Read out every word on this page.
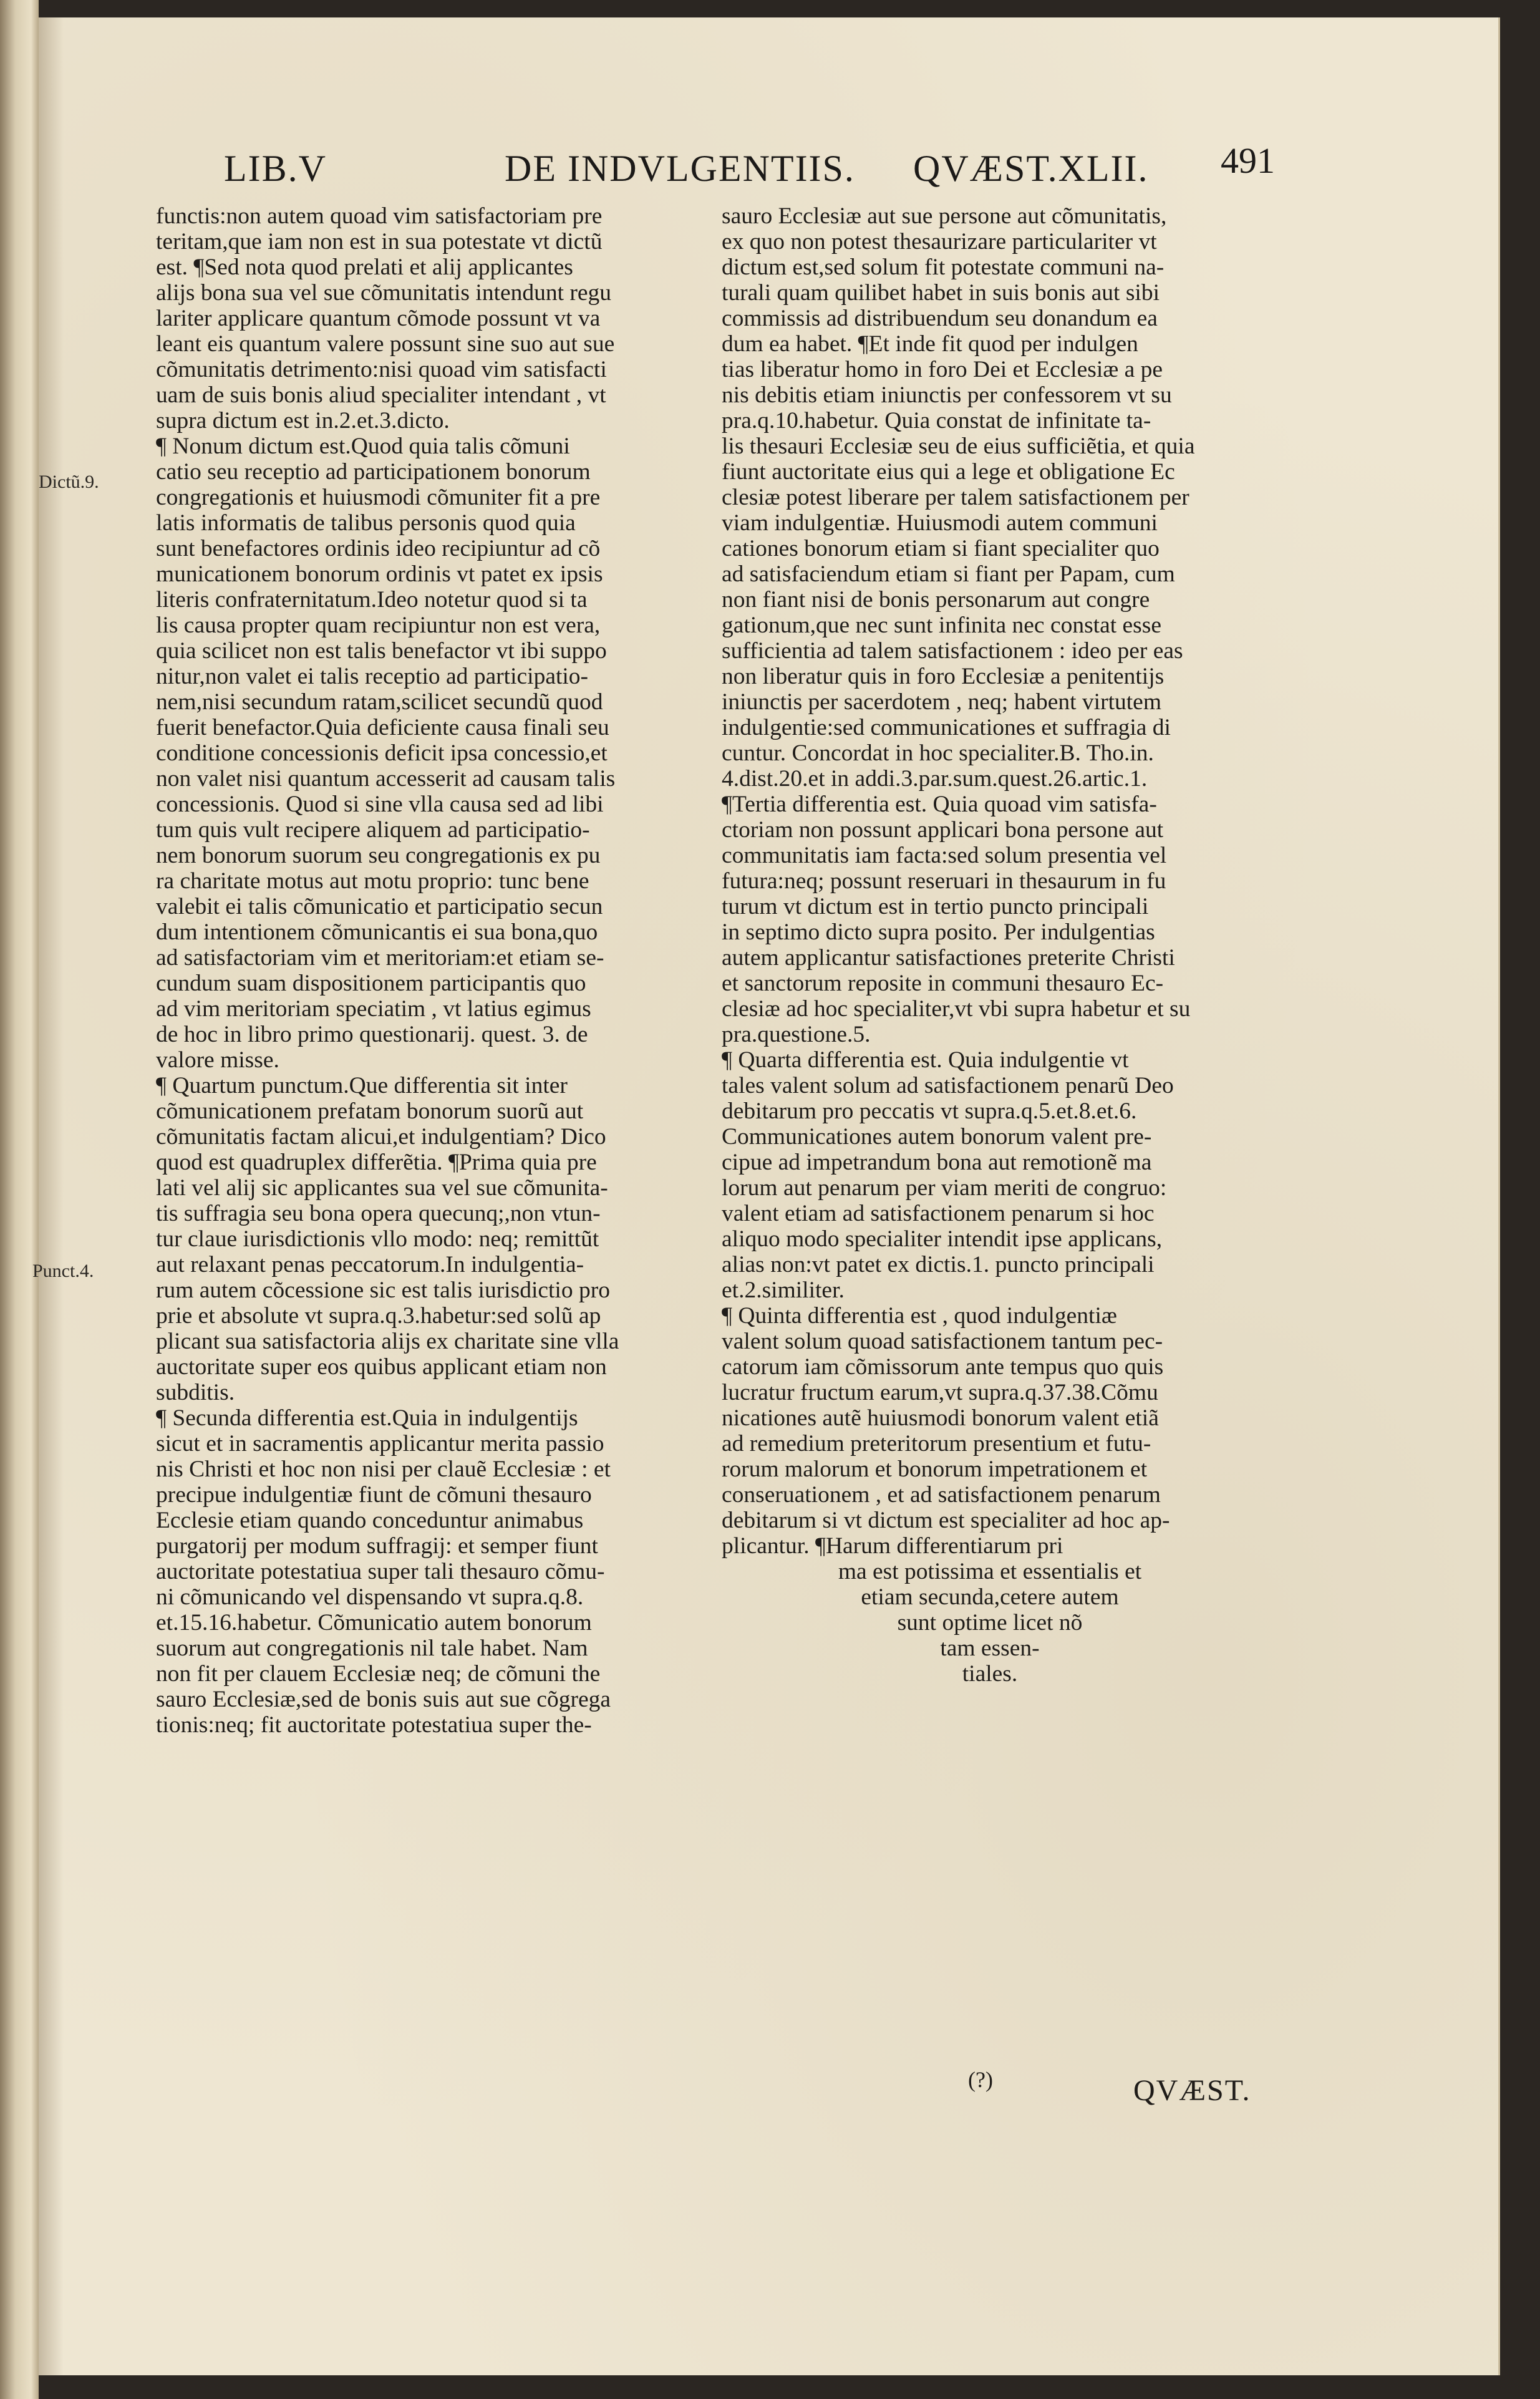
LIB.V	DE INDVLGENTIIS. QVÆST.XLII. 491
Dictũ.9.
Punct.4.
functis:non autem quoad vim satisfactoriam pre
teritam,que iam non est in sua potestate vt dictũ
est. ¶Sed nota quod prelati et alij applicantes
alijs bona sua vel sue cõmunitatis intendunt regu
lariter applicare quantum cõmode possunt vt va
leant eis quantum valere possunt sine suo aut sue
cõmunitatis detrimento:nisi quoad vim satisfacti
uam de suis bonis aliud specialiter intendant , vt
supra dictum est in.2.et.3.dicto.
¶ Nonum dictum est.Quod quia talis cõmuni
catio seu receptio ad participationem bonorum
congregationis et huiusmodi cõmuniter fit a pre
latis informatis de talibus personis quod quia
sunt benefactores ordinis ideo recipiuntur ad cõ
municationem bonorum ordinis vt patet ex ipsis
literis confraternitatum.Ideo notetur quod si ta
lis causa propter quam recipiuntur non est vera,
quia scilicet non est talis benefactor vt ibi suppo
nitur,non valet ei talis receptio ad participatio-
nem,nisi secundum ratam,scilicet secundũ quod
fuerit benefactor.Quia deficiente causa finali seu
conditione concessionis deficit ipsa concessio,et
non valet nisi quantum accesserit ad causam talis
concessionis. Quod si sine vlla causa sed ad libi
tum quis vult recipere aliquem ad participatio-
nem bonorum suorum seu congregationis ex pu
ra charitate motus aut motu proprio: tunc bene
valebit ei talis cõmunicatio et participatio secun
dum intentionem cõmunicantis ei sua bona,quo
ad satisfactoriam vim et meritoriam:et etiam se-
cundum suam dispositionem participantis quo
ad vim meritoriam speciatim , vt latius egimus
de hoc in libro primo questionarij. quest. 3. de
valore misse.
¶ Quartum punctum.Que differentia sit inter
cõmunicationem prefatam bonorum suorũ aut
cõmunitatis factam alicui,et indulgentiam? Dico
quod est quadruplex differẽtia. ¶Prima quia pre
lati vel alij sic applicantes sua vel sue cõmunita-
tis suffragia seu bona opera quecunq;,non vtun-
tur claue iurisdictionis vllo modo: neq; remittũt
aut relaxant penas peccatorum.In indulgentia-
rum autem cõcessione sic est talis iurisdictio pro
prie et absolute vt supra.q.3.habetur:sed solũ ap
plicant sua satisfactoria alijs ex charitate sine vlla
auctoritate super eos quibus applicant etiam non
subditis.
¶ Secunda differentia est.Quia in indulgentijs
sicut et in sacramentis applicantur merita passio
nis Christi et hoc non nisi per clauẽ Ecclesiæ : et
precipue indulgentiæ fiunt de cõmuni thesauro
Ecclesie etiam quando conceduntur animabus
purgatorij per modum suffragij: et semper fiunt
auctoritate potestatiua super tali thesauro cõmu-
ni cõmunicando vel dispensando vt supra.q.8.
et.15.16.habetur. Cõmunicatio autem bonorum
suorum aut congregationis nil tale habet. Nam
non fit per clauem Ecclesiæ neq; de cõmuni the
sauro Ecclesiæ,sed de bonis suis aut sue cõgrega
tionis:neq; fit auctoritate potestatiua super the-
sauro Ecclesiæ aut sue persone aut cõmunitatis,
ex quo non potest thesaurizare particulariter vt
dictum est,sed solum fit potestate communi na-
turali quam quilibet habet in suis bonis aut sibi
commissis ad distribuendum seu donandum ea
dum ea habet. ¶Et inde fit quod per indulgen
tias liberatur homo in foro Dei et Ecclesiæ a pe
nis debitis etiam iniunctis per confessorem vt su
pra.q.10.habetur. Quia constat de infinitate ta-
lis thesauri Ecclesiæ seu de eius sufficiẽtia, et quia
fiunt auctoritate eius qui a lege et obligatione Ec
clesiæ potest liberare per talem satisfactionem per
viam indulgentiæ. Huiusmodi autem communi
cationes bonorum etiam si fiant specialiter quo
ad satisfaciendum etiam si fiant per Papam, cum
non fiant nisi de bonis personarum aut congre
gationum,que nec sunt infinita nec constat esse
sufficientia ad talem satisfactionem : ideo per eas
non liberatur quis in foro Ecclesiæ a penitentijs
iniunctis per sacerdotem , neq; habent virtutem
indulgentie:sed communicationes et suffragia di
cuntur. Concordat in hoc specialiter.B. Tho.in.
4.dist.20.et in addi.3.par.sum.quest.26.artic.1.
¶Tertia differentia est. Quia quoad vim satisfa-
ctoriam non possunt applicari bona persone aut
communitatis iam facta:sed solum presentia vel
futura:neq; possunt reseruari in thesaurum in fu
turum vt dictum est in tertio puncto principali
in septimo dicto supra posito. Per indulgentias
autem applicantur satisfactiones preterite Christi
et sanctorum reposite in communi thesauro Ec-
clesiæ ad hoc specialiter,vt vbi supra habetur et su
pra.questione.5.
¶ Quarta differentia est. Quia indulgentie vt
tales valent solum ad satisfactionem penarũ Deo
debitarum pro peccatis vt supra.q.5.et.8.et.6.
Communicationes autem bonorum valent pre-
cipue ad impetrandum bona aut remotionẽ ma
lorum aut penarum per viam meriti de congruo:
valent etiam ad satisfactionem penarum si hoc
aliquo modo specialiter intendit ipse applicans,
alias non:vt patet ex dictis.1. puncto principali
et.2.similiter.
¶ Quinta differentia est , quod indulgentiæ
valent solum quoad satisfactionem tantum pec-
catorum iam cõmissorum ante tempus quo quis
lucratur fructum earum,vt supra.q.37.38.Cõmu
nicationes autẽ huiusmodi bonorum valent etiã
ad remedium preteritorum presentium et futu-
rorum malorum et bonorum impetrationem et
conseruationem , et ad satisfactionem penarum
debitarum si vt dictum est specialiter ad hoc ap-
plicantur. ¶Harum differentiarum pri
ma est potissima et essentialis et
etiam secunda,cetere autem
sunt optime licet nõ
tam essen-
tiales.
(?)	QVÆST.
